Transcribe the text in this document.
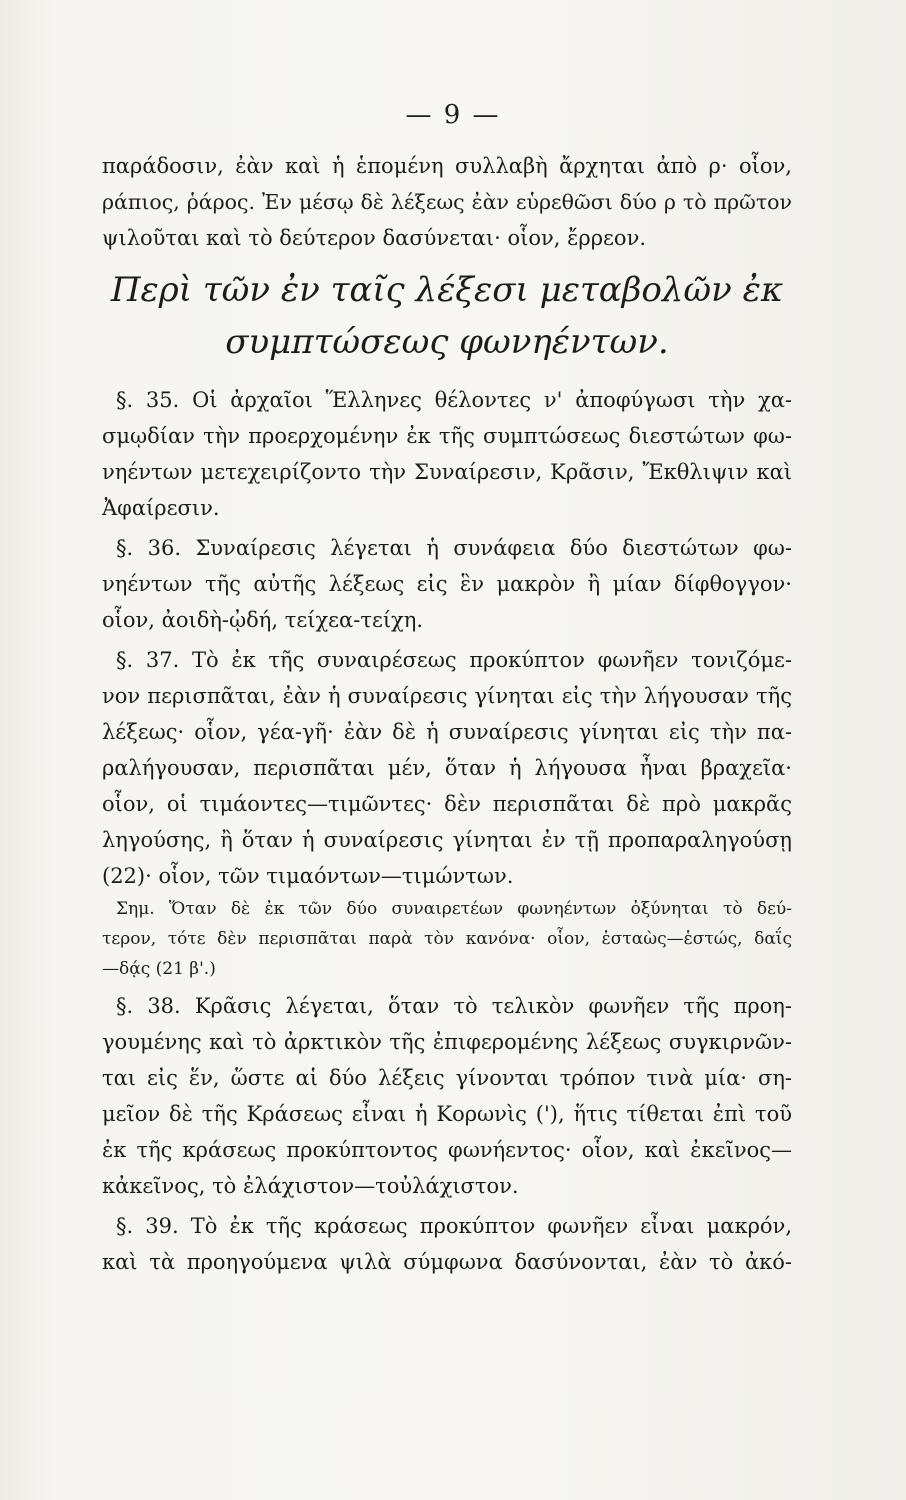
— 9 —
παράδοσιν, ἐὰν καὶ ἡ ἑπομένη συλλαβὴ ἄρχηται ἀπὸ ρ· οἷον,
ράπιος, ῥάρος. Ἐν μέσῳ δὲ λέξεως ἐὰν εὑρεθῶσι δύο ρ τὸ πρῶτον
ψιλοῦται καὶ τὸ δεύτερον δασύνεται· οἷον, ἔρρεον.
Περὶ τῶν ἐν ταῖς λέξεσι μεταβολῶν ἐκ
συμπτώσεως φωνηέντων.
§. 35. Οἱ ἀρχαῖοι Ἕλληνες θέλοντες ν' ἀποφύγωσι τὴν χα-
σμῳδίαν τὴν προερχομένην ἐκ τῆς συμπτώσεως διεστώτων φω-
νηέντων μετεχειρίζοντο τὴν Συναίρεσιν, Κρᾶσιν, Ἔκθλιψιν καὶ
Ἀφαίρεσιν.
§. 36. Συναίρεσις λέγεται ἡ συνάφεια δύο διεστώτων φω-
νηέντων τῆς αὐτῆς λέξεως εἰς ἓν μακρὸν ἢ μίαν δίφθογγον·
οἷον, ἀοιδὴ-ᾠδή, τείχεα-τείχη.
§. 37. Τὸ ἐκ τῆς συναιρέσεως προκύπτον φωνῆεν τονιζόμε-
νον περισπᾶται, ἐὰν ἡ συναίρεσις γίνηται εἰς τὴν λήγουσαν τῆς
λέξεως· οἷον, γέα-γῆ· ἐὰν δὲ ἡ συναίρεσις γίνηται εἰς τὴν πα-
ραλήγουσαν, περισπᾶται μέν, ὅταν ἡ λήγουσα ἦναι βραχεῖα·
οἷον, οἱ τιμάοντες—τιμῶντες· δὲν περισπᾶται δὲ πρὸ μακρᾶς
ληγούσης, ἢ ὅταν ἡ συναίρεσις γίνηται ἐν τῇ προπαραληγούσῃ
(22)· οἷον, τῶν τιμαόντων—τιμώντων.
Σημ. Ὅταν δὲ ἐκ τῶν δύο συναιρετέων φωνηέντων ὀξύνηται τὸ δεύ-
τερον, τότε δὲν περισπᾶται παρὰ τὸν κανόνα· οἷον, ἑσταὼς—ἑστώς, δαΐς
—δᾴς (21 β'.)
§. 38. Κρᾶσις λέγεται, ὅταν τὸ τελικὸν φωνῆεν τῆς προη-
γουμένης καὶ τὸ ἀρκτικὸν τῆς ἐπιφερομένης λέξεως συγκιρνῶν-
ται εἰς ἕν, ὥστε αἱ δύο λέξεις γίνονται τρόπον τινὰ μία· ση-
μεῖον δὲ τῆς Κράσεως εἶναι ἡ Κορωνὶς ('), ἥτις τίθεται ἐπὶ τοῦ
ἐκ τῆς κράσεως προκύπτοντος φωνήεντος· οἷον, καὶ ἐκεῖνος—
κἀκεῖνος, τὸ ἐλάχιστον—τοὐλάχιστον.
§. 39. Τὸ ἐκ τῆς κράσεως προκύπτον φωνῆεν εἶναι μακρόν,
καὶ τὰ προηγούμενα ψιλὰ σύμφωνα δασύνονται, ἐὰν τὸ ἀκό-
